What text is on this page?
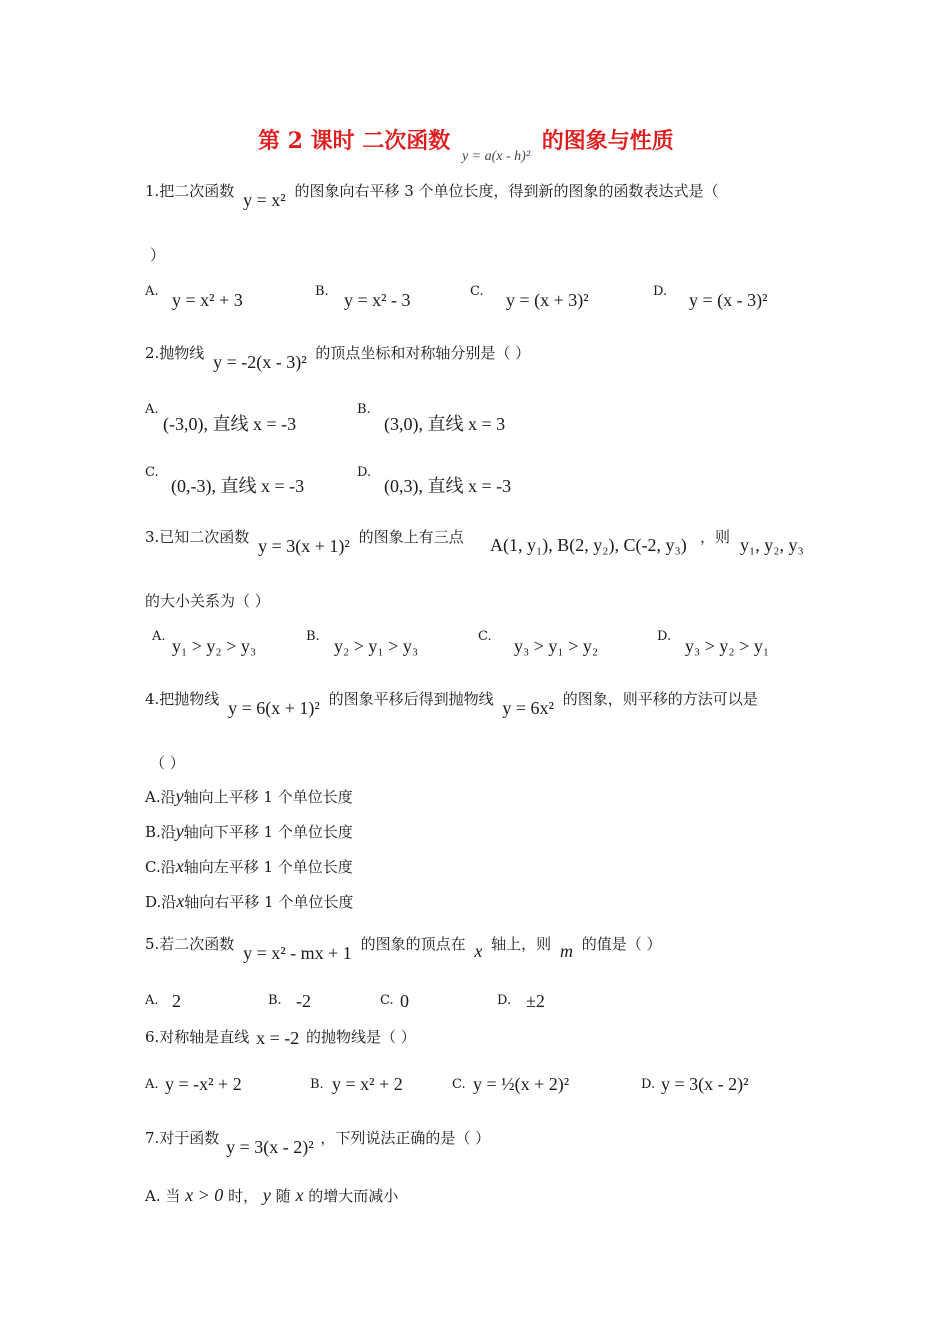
第 2 课时 二次函数 $_{y = a(x - h)^2}$ 的图象与性质
1.把二次函数 y = x² 的图象向右平移 3 个单位长度，得到新的图象的函数表达式是（
）
A. y = x² + 3	B. y = x² - 3	C. y = (x + 3)²	D. y = (x - 3)²
2.抛物线 y = -2(x - 3)² 的顶点坐标和对称轴分别是（ ）
A.
(-3,0), 直线 x = -3
B.
(3,0), 直线 x = 3
C.
(0,-3), 直线 x = -3
D.
(0,3), 直线 x = -3
3.已知二次函数 y = 3(x + 1)² 的图象上有三点 A(1, y₁), B(2, y₂), C(-2, y₃) ，则 y₁, y₂, y₃
的大小关系为（ ）
A. y₁ > y₂ > y₃	B. y₂ > y₁ > y₃	C. y₃ > y₁ > y₂	D. y₃ > y₂ > y₁
4.把抛物线 y = 6(x + 1)² 的图象平移后得到抛物线 y = 6x² 的图象，则平移的方法可以是
（ ）
A.沿y轴向上平移 1 个单位长度
B.沿y轴向下平移 1 个单位长度
C.沿x轴向左平移 1 个单位长度
D.沿x轴向右平移 1 个单位长度
5.若二次函数 y = x² - mx + 1 的图象的顶点在 x 轴上，则 m 的值是（ ）
A. 2	B. -2	C. 0	D. ±2
6.对称轴是直线 x = -2 的抛物线是（ ）
A. y = -x² + 2	B. y = x² + 2	C. y = ½(x + 2)²	D. y = 3(x - 2)²
7.对于函数 y = 3(x - 2)² ，下列说法正确的是（ ）
A. 当 x > 0 时， y 随 x 的增大而减小
